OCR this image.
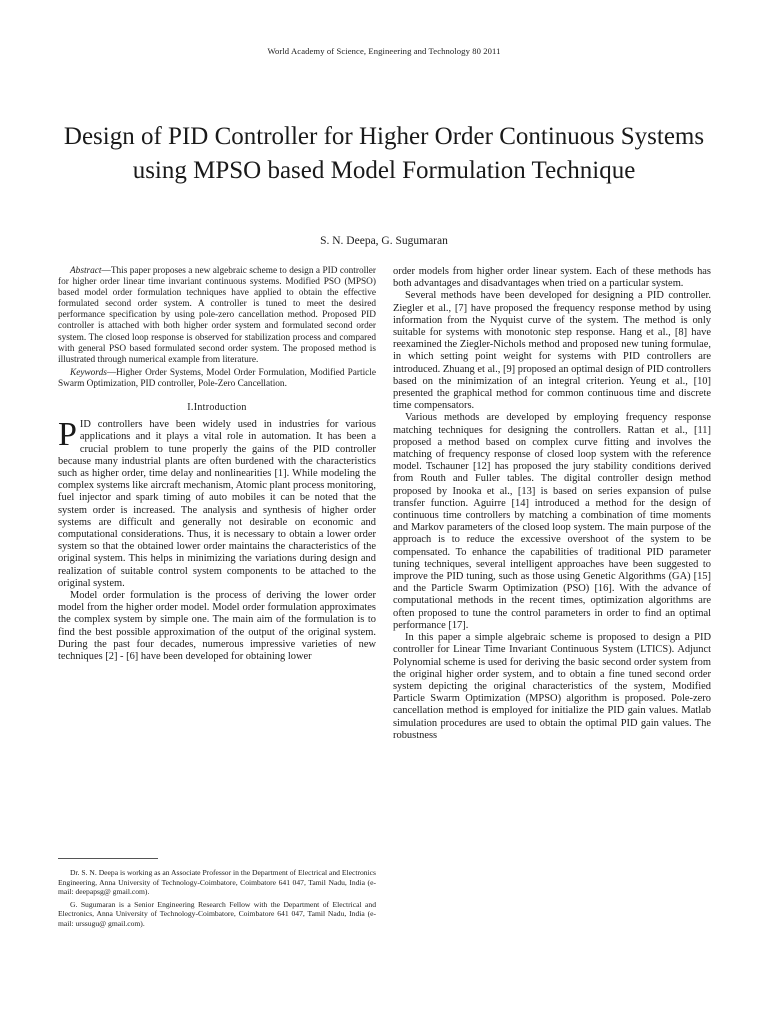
World Academy of Science, Engineering and Technology 80 2011
Design of PID Controller for Higher Order Continuous Systems using MPSO based Model Formulation Technique
S. N. Deepa, G. Sugumaran

Abstract—This paper proposes a new algebraic scheme to design a PID controller for higher order linear time invariant continuous systems. Modified PSO (MPSO) based model order formulation techniques have applied to obtain the effective formulated second order system. A controller is tuned to meet the desired performance specification by using pole-zero cancellation method. Proposed PID controller is attached with both higher order system and formulated second order system. The closed loop response is observed for stabilization process and compared with general PSO based formulated second order system. The proposed method is illustrated through numerical example from literature.

Keywords—Higher Order Systems, Model Order Formulation, Modified Particle Swarm Optimization, PID controller, Pole-Zero Cancellation.

I.Introduction

PID controllers have been widely used in industries for various applications and it plays a vital role in automation. It has been a crucial problem to tune properly the gains of the PID controller because many industrial plants are often burdened with the characteristics such as higher order, time delay and nonlinearities [1]. While modeling the complex systems like aircraft mechanism, Atomic plant process monitoring, fuel injector and spark timing of auto mobiles it can be noted that the system order is increased. The analysis and synthesis of higher order systems are difficult and generally not desirable on economic and computational considerations. Thus, it is necessary to obtain a lower order system so that the obtained lower order maintains the characteristics of the original system. This helps in minimizing the variations during design and realization of suitable control system components to be attached to the original system.

Model order formulation is the process of deriving the lower order model from the higher order model. Model order formulation approximates the complex system by simple one. The main aim of the formulation is to find the best possible approximation of the output of the original system. During the past four decades, numerous impressive varieties of new techniques [2] - [6] have been developed for obtaining lower

order models from higher order linear system. Each of these methods has both advantages and disadvantages when tried on a particular system.

Several methods have been developed for designing a PID controller. Ziegler et al., [7] have proposed the frequency response method by using information from the Nyquist curve of the system. The method is only suitable for systems with monotonic step response. Hang et al., [8] have reexamined the Ziegler-Nichols method and proposed new tuning formulae, in which setting point weight for systems with PID controllers are introduced. Zhuang et al., [9] proposed an optimal design of PID controllers based on the minimization of an integral criterion. Yeung et al., [10] presented the graphical method for common continuous time and discrete time compensators.

Various methods are developed by employing frequency response matching techniques for designing the controllers. Rattan et al., [11] proposed a method based on complex curve fitting and involves the matching of frequency response of closed loop system with the reference model. Tschauner [12] has proposed the jury stability conditions derived from Routh and Fuller tables. The digital controller design method proposed by Inooka et al., [13] is based on series expansion of pulse transfer function. Aguirre [14] introduced a method for the design of continuous time controllers by matching a combination of time moments and Markov parameters of the closed loop system. The main purpose of the approach is to reduce the excessive overshoot of the system to be compensated. To enhance the capabilities of traditional PID parameter tuning techniques, several intelligent approaches have been suggested to improve the PID tuning, such as those using Genetic Algorithms (GA) [15] and the Particle Swarm Optimization (PSO) [16]. With the advance of computational methods in the recent times, optimization algorithms are often proposed to tune the control parameters in order to find an optimal performance [17].

In this paper a simple algebraic scheme is proposed to design a PID controller for Linear Time Invariant Continuous System (LTICS). Adjunct Polynomial scheme is used for deriving the basic second order system from the original higher order system, and to obtain a fine tuned second order system depicting the original characteristics of the system, Modified Particle Swarm Optimization (MPSO) algorithm is proposed. Pole-zero cancellation method is employed for initialize the PID gain values. Matlab simulation procedures are used to obtain the optimal PID gain values. The robustness

Dr. S. N. Deepa is working as an Associate Professor in the Department of Electrical and Electronics Engineering, Anna University of Technology-Coimbatore, Coimbatore 641 047, Tamil Nadu, India (e-mail: deepapsg@ gmail.com).

G. Sugumaran is a Senior Engineering Research Fellow with the Department of Electrical and Electronics, Anna University of Technology-Coimbatore, Coimbatore 641 047, Tamil Nadu, India (e-mail: urssugu@ gmail.com).
